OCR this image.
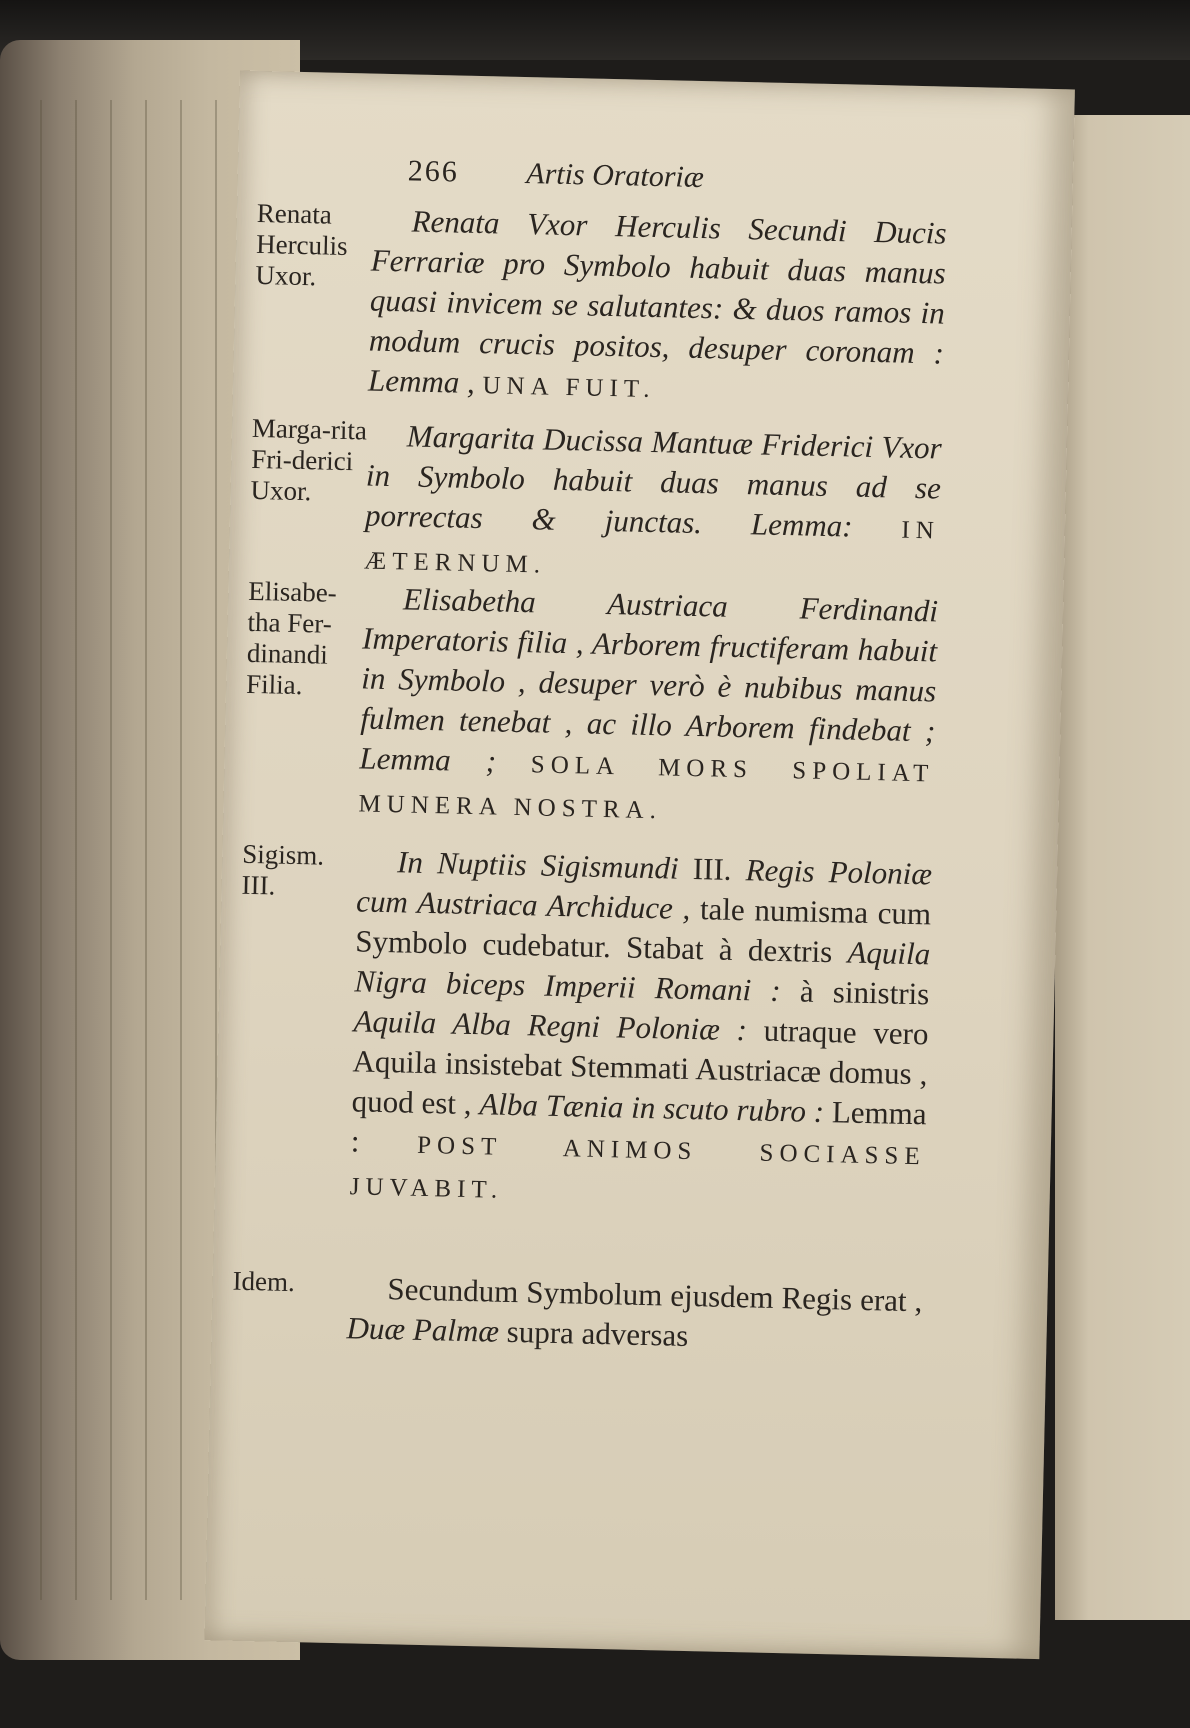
266 Artis Oratoriæ
Renata Herculis Uxor.
Marga-rita Fri-derici Uxor.
Elisabe-tha Fer-dinandi Filia.
Sigism. III.
Idem.

Renata Vxor Herculis Secundi Ducis Ferrariæ pro Symbolo habuit duas manus quasi invicem se salutantes: & duos ramos in modum crucis positos, desuper coronam : Lemma , UNA FUIT.

Margarita Ducissa Mantuæ Friderici Vxor in Symbolo habuit duas manus ad se porrectas & junctas. Lemma: IN ÆTERNUM.

Elisabetha Austriaca Ferdinandi Imperatoris filia , Arborem fructiferam habuit in Symbolo , desuper verò è nubibus manus fulmen tenebat , ac illo Arborem findebat ; Lemma ; SOLA MORS SPOLIAT MUNERA NOSTRA.

In Nuptiis Sigismundi III. Regis Poloniæ cum Austriaca Archiduce , tale numisma cum Symbolo cudebatur. Stabat à dextris Aquila Nigra biceps Imperii Romani : à sinistris Aquila Alba Regni Poloniæ : utraque vero Aquila insistebat Stemmati Austriacæ domus , quod est , Alba Tænia in scuto rubro : Lemma : POST ANIMOS SOCIASSE JUVABIT.

Secundum Symbolum ejusdem Regis erat , Duæ Palmæ supra adversas
